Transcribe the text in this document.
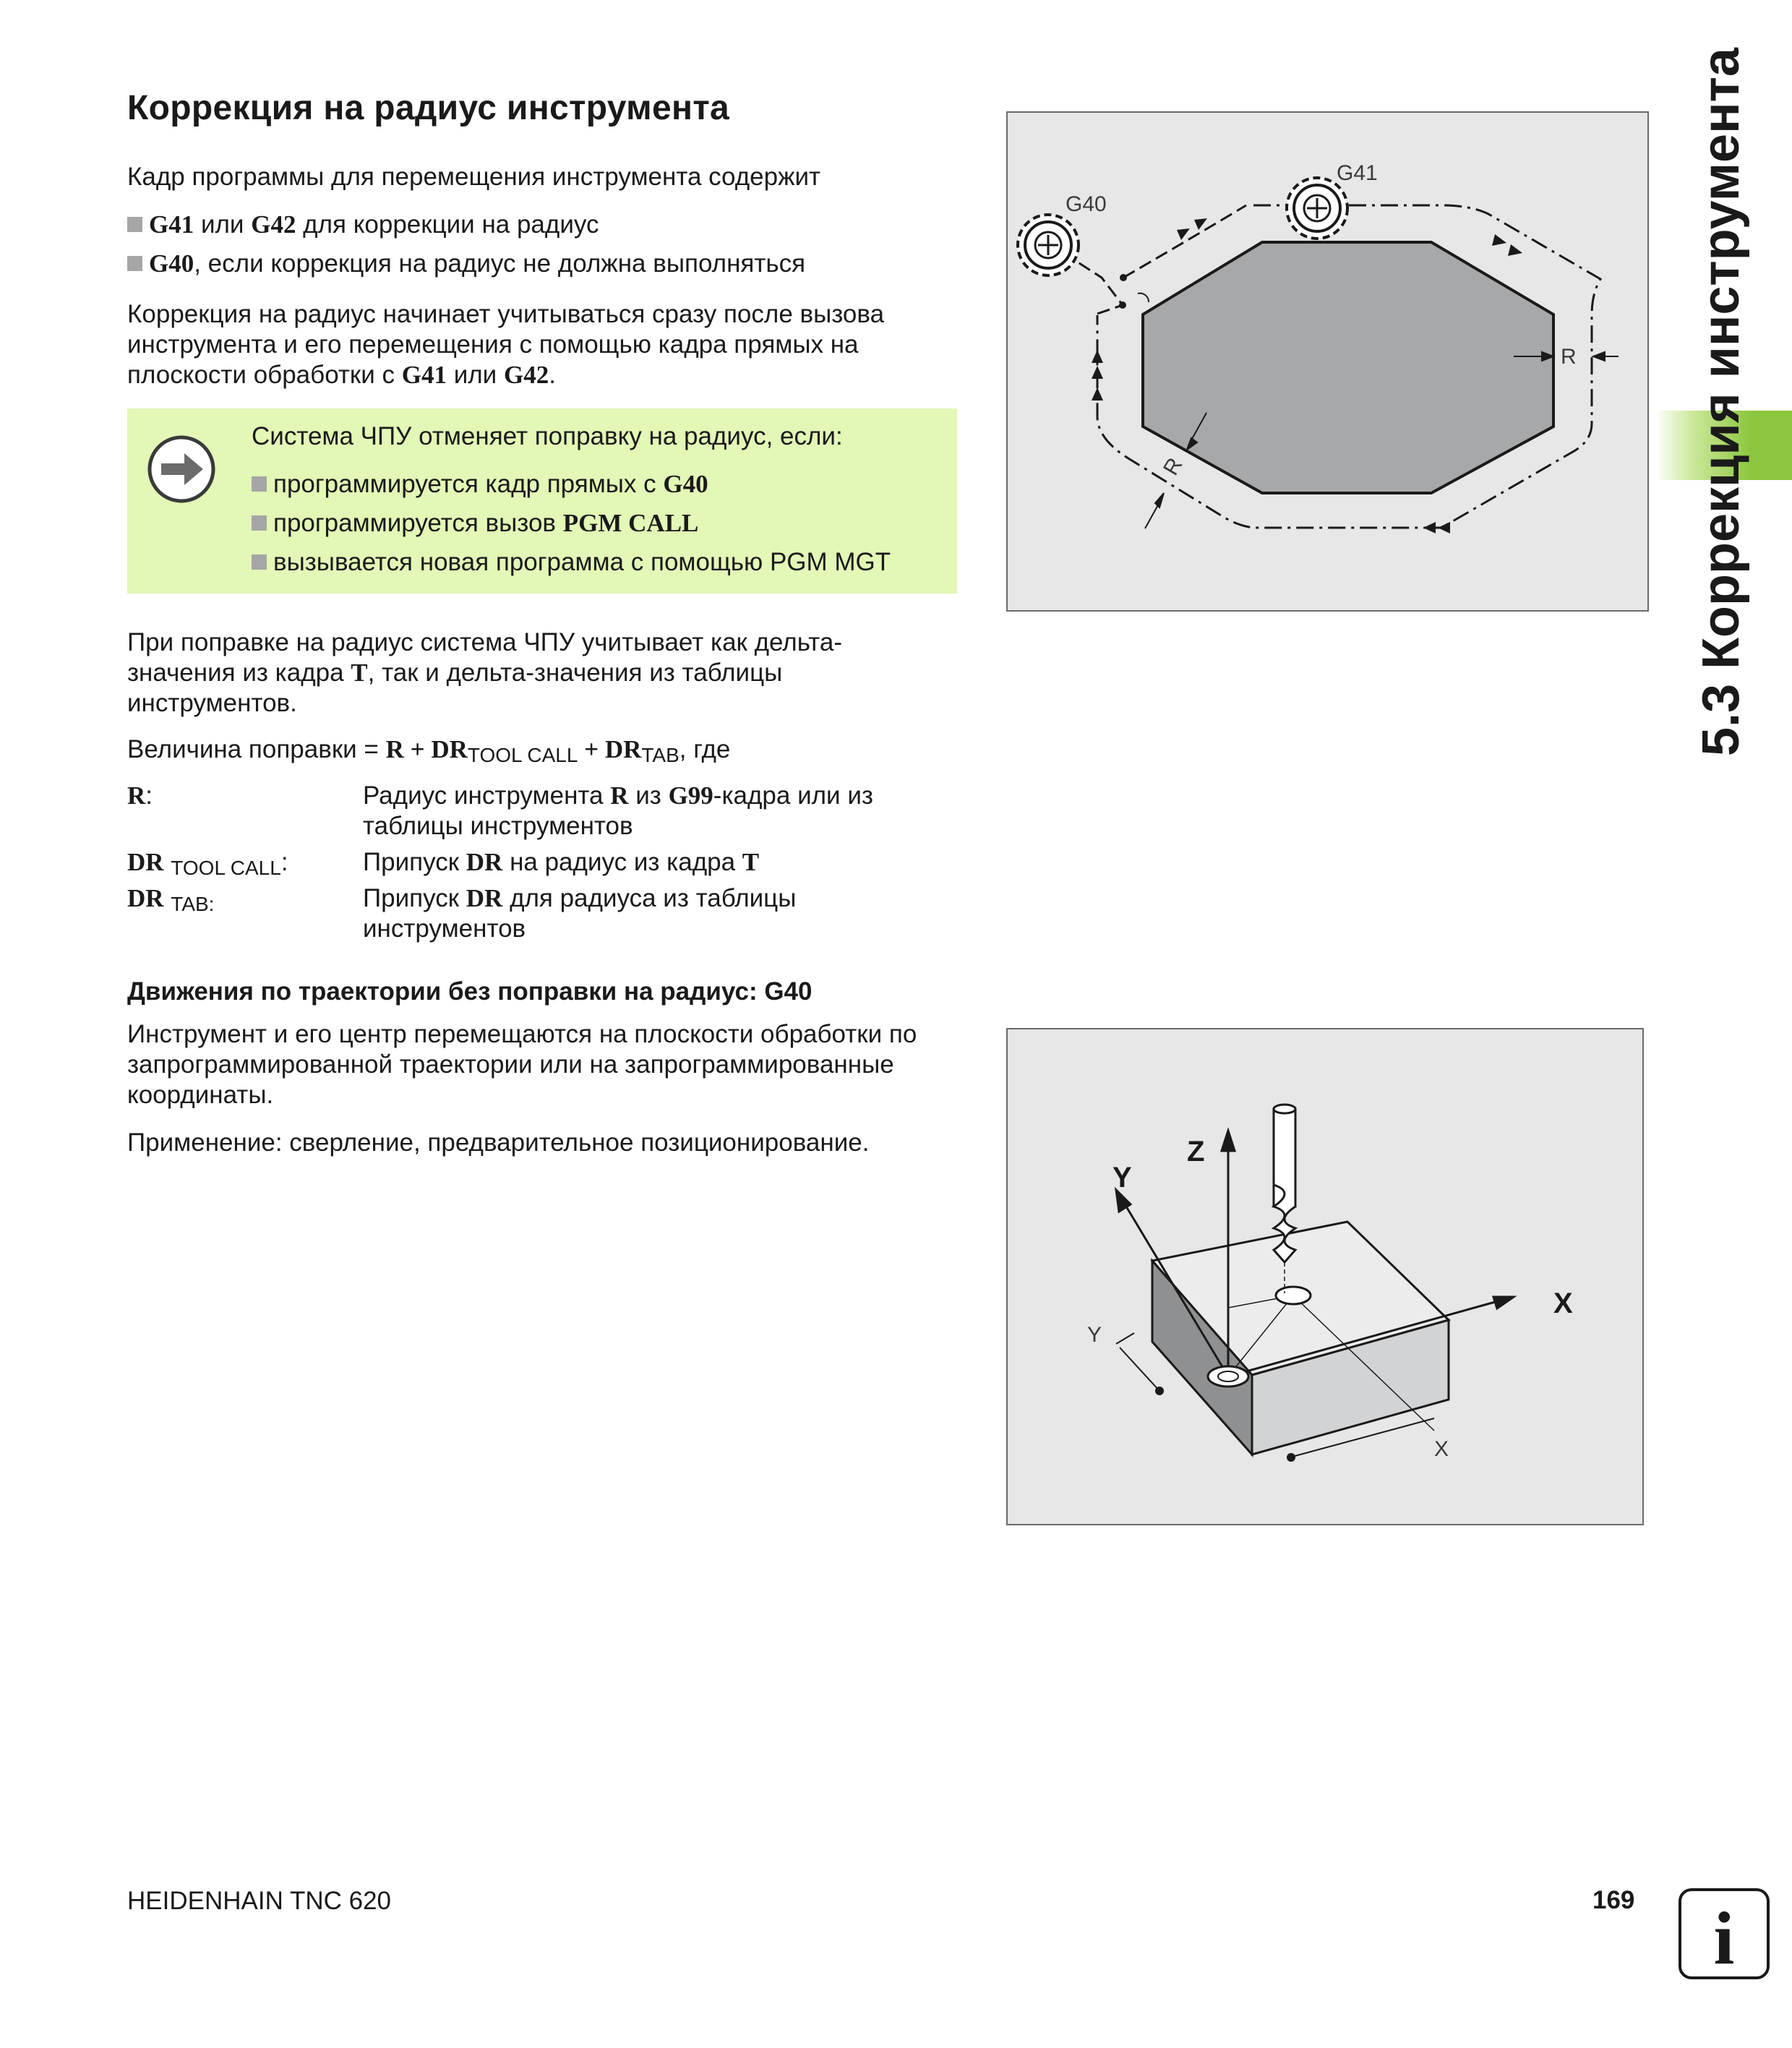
Коррекция на радиус инструмента

Кадр программы для перемещения инструмента содержит

G41 или G42 для коррекции на радиус
G40, если коррекция на радиус не должна выполняться
Коррекция на радиус начинает учитываться сразу после вызова
инструмента и его перемещения с помощью кадра прямых на
плоскости обработки с G41 или G42.
Система ЧПУ отменяет поправку на радиус, если:
программируется кадр прямых с G40
программируется вызов PGM CALL
вызывается новая программа с помощью PGM MGT
При поправке на радиус система ЧПУ учитывает как дельта-
значения из кадра T, так и дельта-значения из таблицы
инструментов.
Величина поправки = $R + DR_{TOOL CALL} + DR_{TAB}$, где
R:	Радиус инструмента R из G99-кадра или из
таблицы инструментов
DR $_{TOOL CALL}$:	Припуск DR на радиус из кадра T
DR $_{TAB:}$	Припуск DR для радиуса из таблицы
инструментов
Движения по траектории без поправки на радиус: G40
Инструмент и его центр перемещаются на плоскости обработки по
запрограммированной траектории или на запрограммированные
координаты.

Применение: сверление, предварительное позиционирование.

G40
G41
R
R
Z
Y
X
Y
X
5.3 Коррекция инструмента
HEIDENHAIN TNC 620	169 i
